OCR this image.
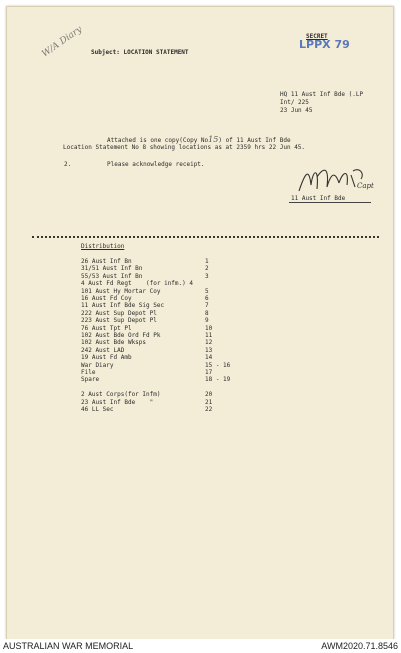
W/A Diary Subject: LOCATION STATEMENT
SECRET
LPPX 79
HQ 11 Aust Inf Bde (.LP
Int/ 225
23 Jun 45
Attached is one copy(Copy No15) of 11 Aust Inf Bde
Location Statement No 8 showing locations as at 2359 hrs 22 Jun 45.
2.	Please acknowledge receipt.
Capt
11 Aust Inf Bde
Distribution
26 Aust Inf Bn	1
31/51 Aust Inf Bn	2
55/53 Aust Inf Bn	3
4 Aust Fd Regt    (for infm.) 4
101 Aust Hy Mortar Coy	5
16 Aust Fd Coy	6
11 Aust Inf Bde Sig Sec	7
222 Aust Sup Depot Pl	8
223 Aust Sup Depot Pl	9
76 Aust Tpt Pl	10
102 Aust Bde Ord Fd Pk	11
102 Aust Bde Wksps	12
242 Aust LAD	13
19 Aust Fd Amb	14
War Diary	15 - 16
File	17
Spare	18 - 19
2 Aust Corps(for Infm)	20
23 Aust Inf Bde    "	21
46 LL Sec	22
AUSTRALIAN WAR MEMORIAL	AWM2020.71.8546
